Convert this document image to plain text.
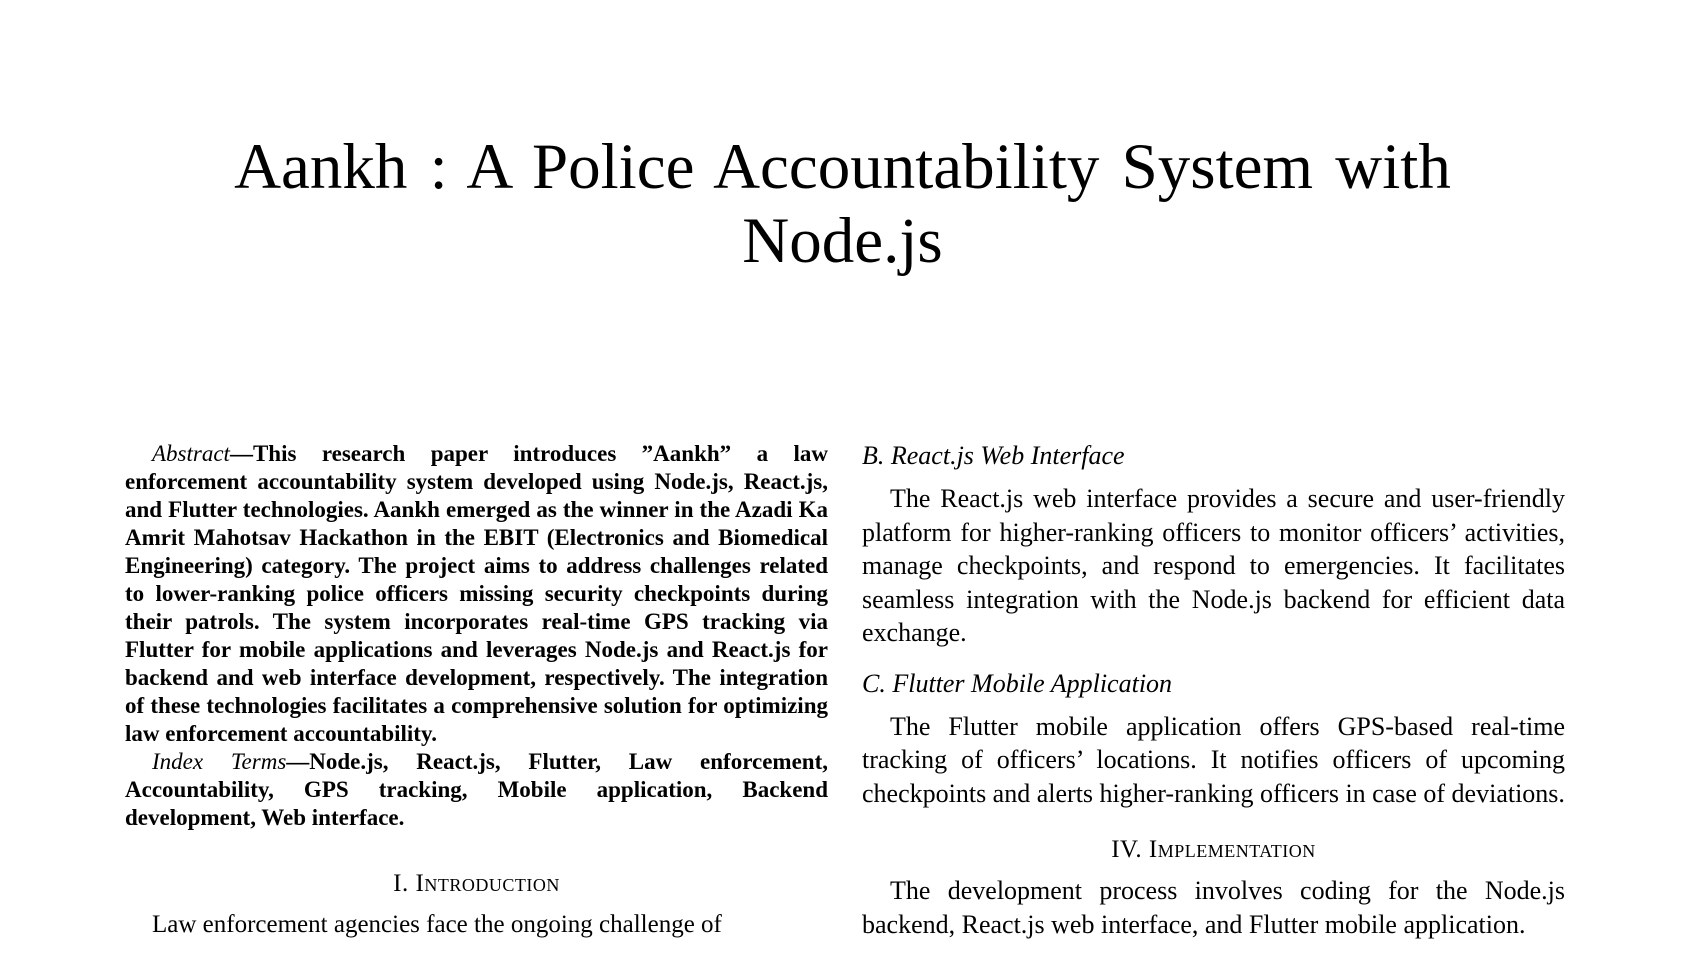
Aankh : A Police Accountability System with
Node.js

Abstract—This research paper introduces ”Aankh” a law enforcement accountability system developed using Node.js, React.js, and Flutter technologies. Aankh emerged as the winner in the Azadi Ka Amrit Mahotsav Hackathon in the EBIT (Electronics and Biomedical Engineering) category. The project aims to address challenges related to lower-ranking police officers missing security checkpoints during their patrols. The system incorporates real-time GPS tracking via Flutter for mobile applications and leverages Node.js and React.js for backend and web interface development, respectively. The integration of these technologies facilitates a comprehensive solution for optimizing law enforcement accountability.

Index Terms—Node.js, React.js, Flutter, Law enforcement, Accountability, GPS tracking, Mobile application, Backend development, Web interface.

I. Introduction

Law enforcement agencies face the ongoing challenge of

B. React.js Web Interface

The React.js web interface provides a secure and user-friendly platform for higher-ranking officers to monitor officers’ activities, manage checkpoints, and respond to emergencies. It facilitates seamless integration with the Node.js backend for efficient data exchange.

C. Flutter Mobile Application

The Flutter mobile application offers GPS-based real-time tracking of officers’ locations. It notifies officers of upcoming checkpoints and alerts higher-ranking officers in case of deviations.

IV. Implementation

The development process involves coding for the Node.js backend, React.js web interface, and Flutter mobile application.
